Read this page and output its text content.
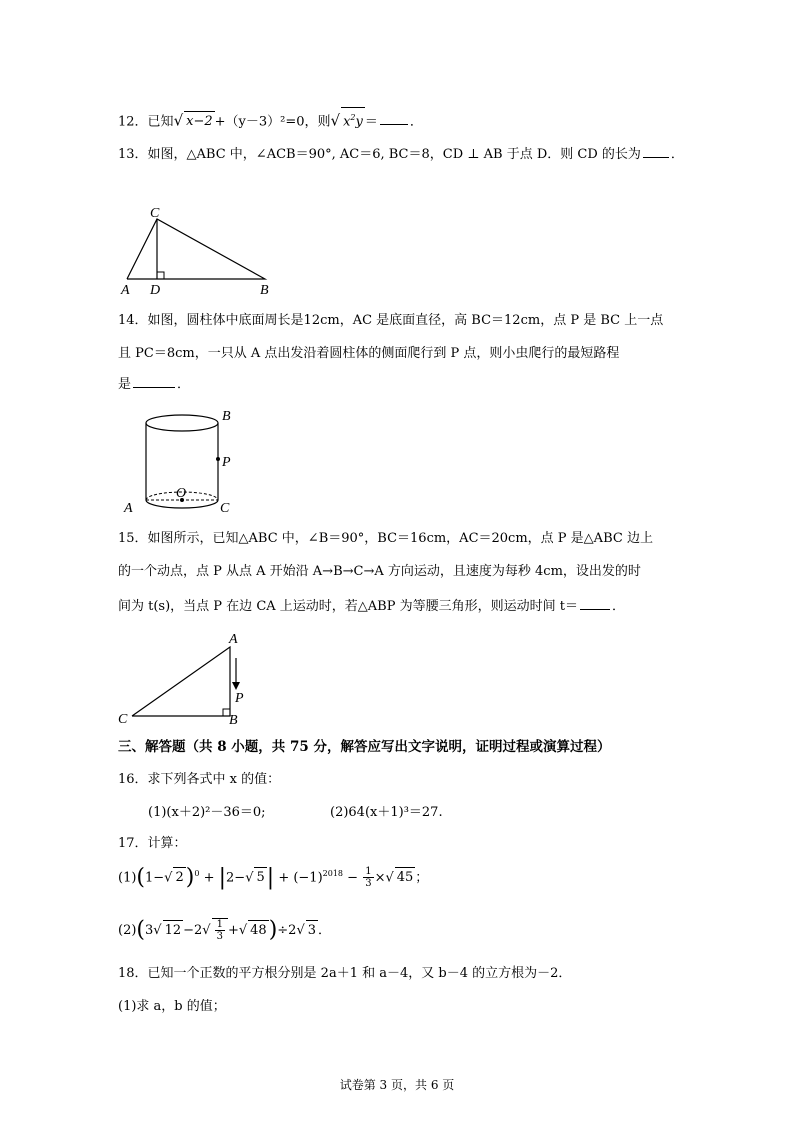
12．已知√ x−2 +（y－3）²=0，则√ $x^2y$ ＝ ．
13．如图，△ABC 中，∠ACB＝90°, AC＝6, BC＝8，CD ⊥ AB 于点 D．则 CD 的长为 ．
C
A D	B
14．如图，圆柱体中底面周长是12cm，AC 是底面直径，高 BC＝12cm，点 P 是 BC 上一点
且 PC＝8cm，一只从 A 点出发沿着圆柱体的侧面爬行到 P 点，则小虫爬行的最短路程
是	．
B
P
O
A	C
15．如图所示，已知△ABC 中，∠B＝90°，BC＝16cm，AC＝20cm，点 P 是△ABC 边上
的一个动点，点 P 从点 A 开始沿 A→B→C→A 方向运动，且速度为每秒 4cm，设出发的时
间为 t(s)，当点 P 在边 CA 上运动时，若△ABP 为等腰三角形，则运动时间 t＝	．
A
P
C	B
三、解答题（共 8 小题，共 75 分，解答应写出文字说明，证明过程或演算过程）
16．求下列各式中 x 的值：
(1)(x＋2)²－36＝0;	(2)64(x＋1)³＝27.
17．计算：
(1)(1−√ 2)$^0$ + |2−√ $5| + (-1)^{2018} - \frac{1}{3}$ ×√ 45 ；
(2)(3√ $12 -2√ \frac{1}{3}$ +√ 48)÷2√ 3 ．
18．已知一个正数的平方根分别是 2a＋1 和 a－4，又 b－4 的立方根为－2．
(1)求 a，b 的值；
试卷第 3 页，共 6 页
